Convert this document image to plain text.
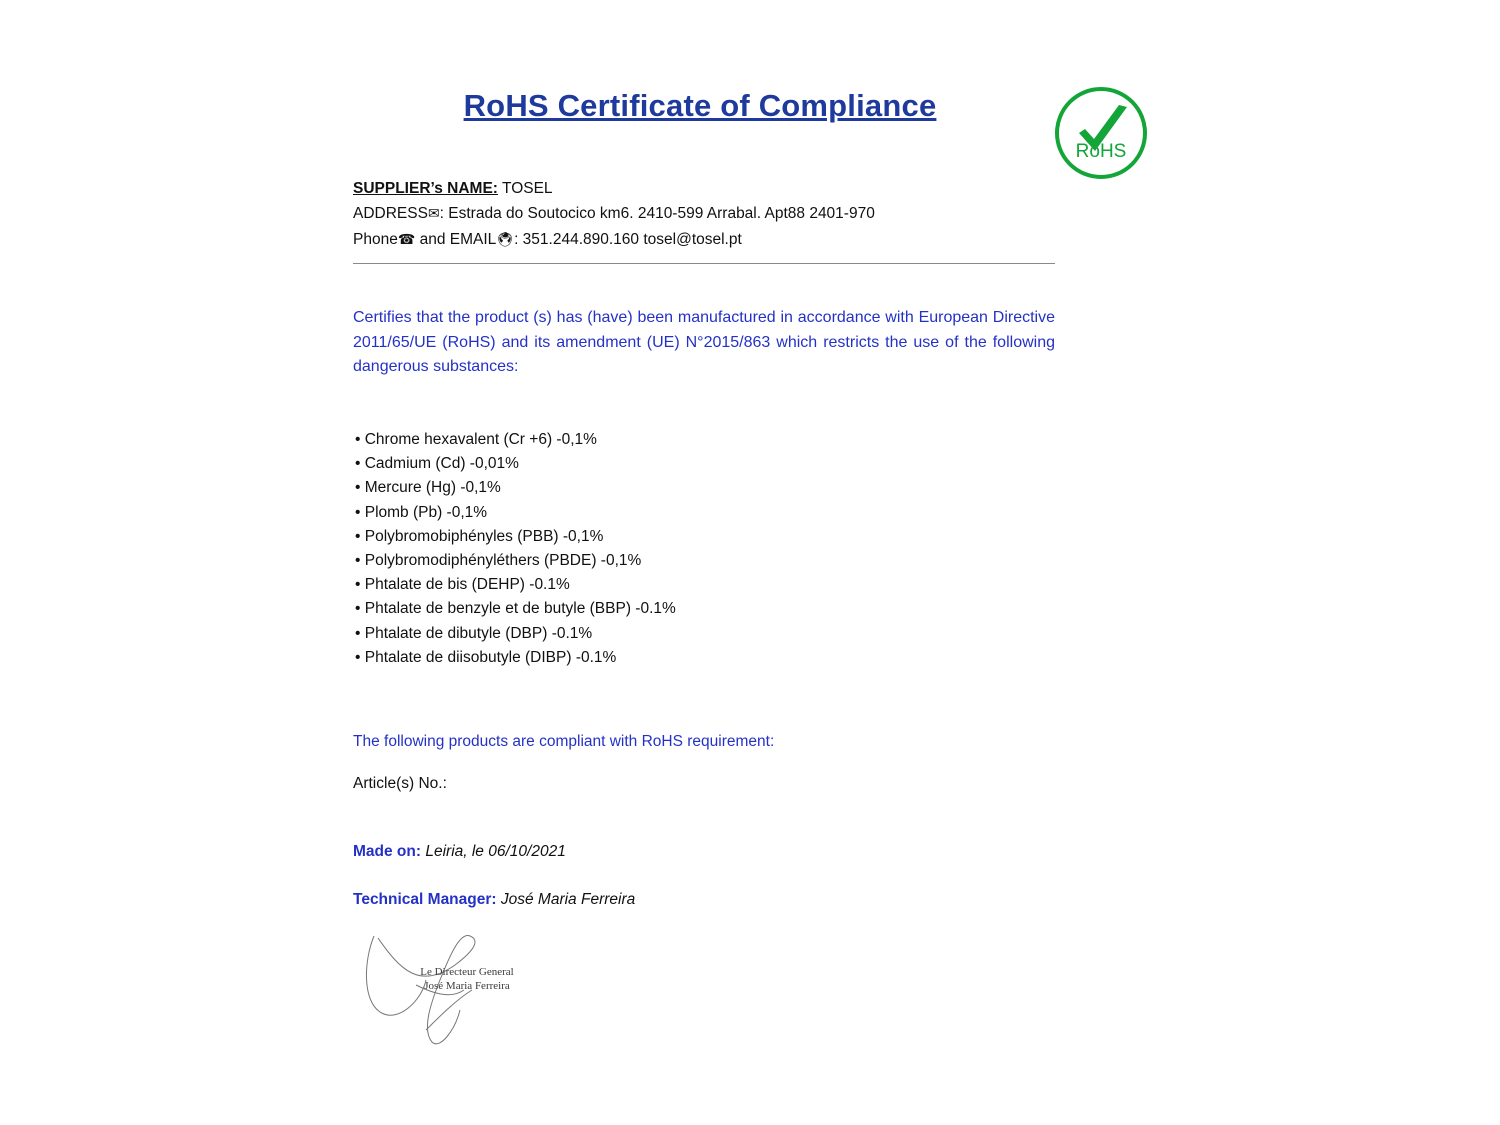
RoHS Certificate of Compliance
RoHS
SUPPLIER’s NAME: TOSEL
ADDRESS✉: Estrada do Soutocico km6. 2410-599 Arrabal. Apt88 2401-970
Phone☎ and EMAIL🖲: 351.244.890.160 tosel@tosel.pt
Certifies that the product (s) has (have) been manufactured in accordance with European Directive 2011/65/UE (RoHS) and its amendment (UE) N°2015/863 which restricts the use of the following dangerous substances:
• Chrome hexavalent (Cr +6) -0,1%
• Cadmium (Cd) -0,01%
• Mercure (Hg) -0,1%
• Plomb (Pb) -0,1%
• Polybromobiphényles (PBB) -0,1%
• Polybromodiphényléthers (PBDE) -0,1%
• Phtalate de bis (DEHP) -0.1%
• Phtalate de benzyle et de butyle (BBP) -0.1%
• Phtalate de dibutyle (DBP) -0.1%
• Phtalate de diisobutyle (DIBP) -0.1%
The following products are compliant with RoHS requirement:
Article(s) No.:
Made on: Leiria, le 06/10/2021
Technical Manager: José Maria Ferreira
Le Directeur General
José Maria Ferreira
